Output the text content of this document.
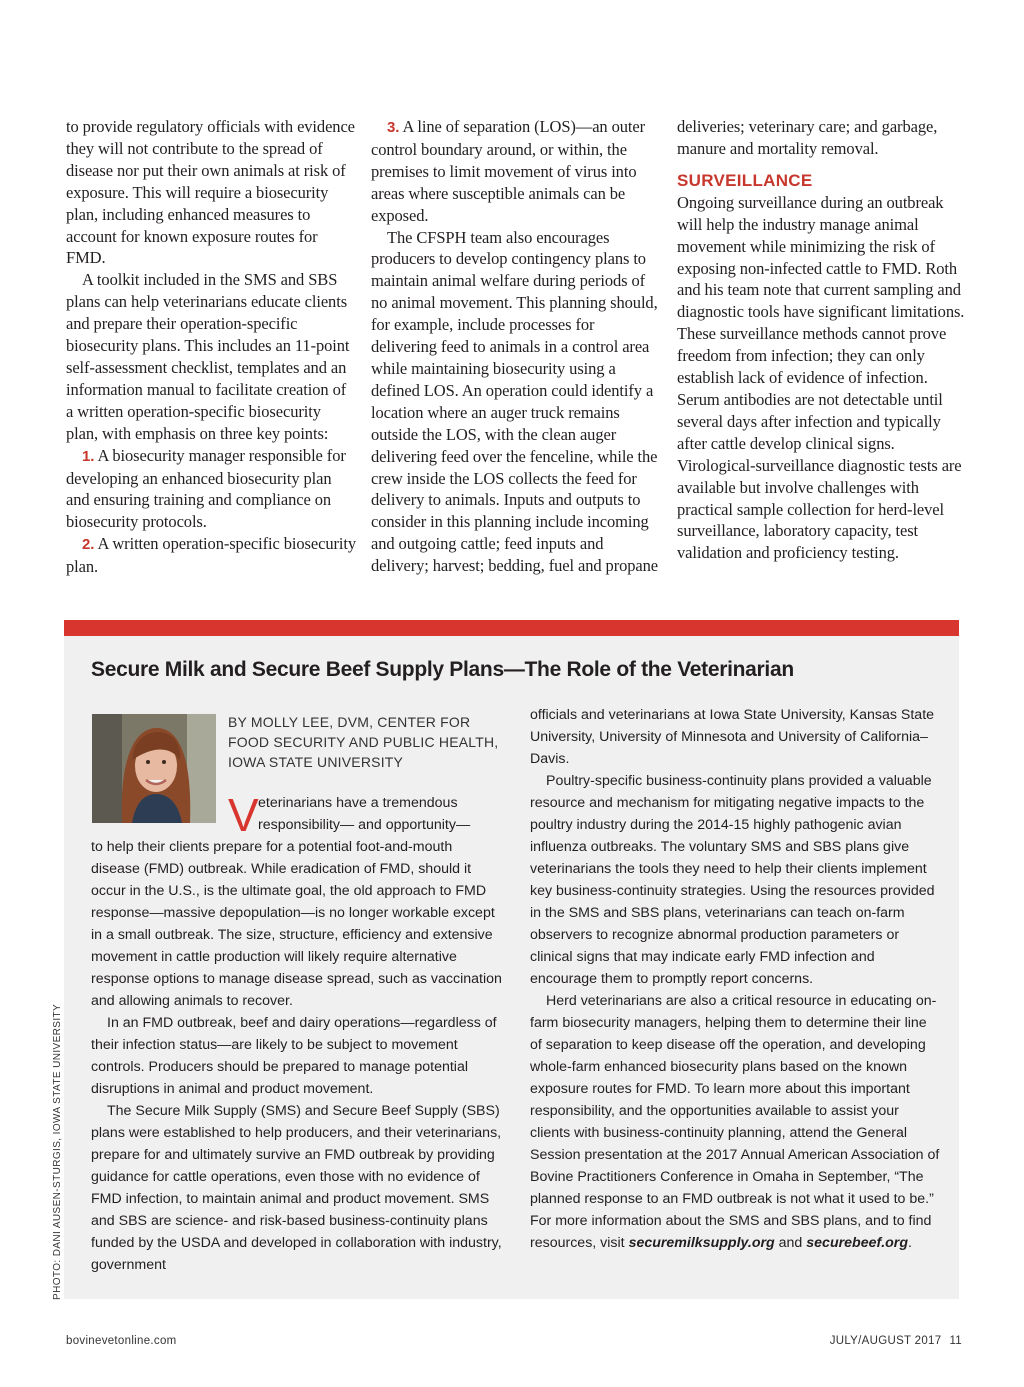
to provide regulatory officials with evidence they will not contribute to the spread of disease nor put their own animals at risk of exposure. This will require a biosecurity plan, including enhanced measures to account for known exposure routes for FMD.

A toolkit included in the SMS and SBS plans can help veterinarians educate clients and prepare their operation-specific biosecurity plans. This includes an 11-point self-assessment checklist, templates and an information manual to facilitate creation of a written operation-specific biosecurity plan, with emphasis on three key points:

1. A biosecurity manager responsible for developing an enhanced biosecurity plan and ensuring training and compliance on biosecurity protocols.

2. A written operation-specific biosecurity plan.

3. A line of separation (LOS)—an outer control boundary around, or within, the premises to limit movement of virus into areas where susceptible animals can be exposed.

The CFSPH team also encourages producers to develop contingency plans to maintain animal welfare during periods of no animal movement. This planning should, for example, include processes for delivering feed to animals in a control area while maintaining biosecurity using a defined LOS. An operation could identify a location where an auger truck remains outside the LOS, with the clean auger delivering feed over the fenceline, while the crew inside the LOS collects the feed for delivery to animals. Inputs and outputs to consider in this planning include incoming and outgoing cattle; feed inputs and delivery; harvest; bedding, fuel and propane

deliveries; veterinary care; and garbage, manure and mortality removal.

SURVEILLANCE

Ongoing surveillance during an outbreak will help the industry manage animal movement while minimizing the risk of exposing non-infected cattle to FMD. Roth and his team note that current sampling and diagnostic tools have significant limitations. These surveillance methods cannot prove freedom from infection; they can only establish lack of evidence of infection. Serum antibodies are not detectable until several days after infection and typically after cattle develop clinical signs. Virological-surveillance diagnostic tests are available but involve challenges with practical sample collection for herd-level surveillance, laboratory capacity, test validation and proficiency testing.

Secure Milk and Secure Beef Supply Plans—The Role of the Veterinarian
BY MOLLY LEE, DVM, CENTER FOR FOOD SECURITY AND PUBLIC HEALTH, IOWA STATE UNIVERSITY
V eterinarians have a tremendous responsibility— and opportunity—

to help their clients prepare for a potential foot-and-mouth disease (FMD) outbreak. While eradication of FMD, should it occur in the U.S., is the ultimate goal, the old approach to FMD response—massive depopulation—is no longer workable except in a small outbreak. The size, structure, efficiency and extensive movement in cattle production will likely require alternative response options to manage disease spread, such as vaccination and allowing animals to recover.

In an FMD outbreak, beef and dairy operations—regardless of their infection status—are likely to be subject to movement controls. Producers should be prepared to manage potential disruptions in animal and product movement.

The Secure Milk Supply (SMS) and Secure Beef Supply (SBS) plans were established to help producers, and their veterinarians, prepare for and ultimately survive an FMD outbreak by providing guidance for cattle operations, even those with no evidence of FMD infection, to maintain animal and product movement. SMS and SBS are science- and risk-based business-continuity plans funded by the USDA and developed in collaboration with industry, government

officials and veterinarians at Iowa State University, Kansas State University, University of Minnesota and University of California–Davis.

Poultry-specific business-continuity plans provided a valuable resource and mechanism for mitigating negative impacts to the poultry industry during the 2014-15 highly pathogenic avian influenza outbreaks. The voluntary SMS and SBS plans give veterinarians the tools they need to help their clients implement key business-continuity strategies. Using the resources provided in the SMS and SBS plans, veterinarians can teach on-farm observers to recognize abnormal production parameters or clinical signs that may indicate early FMD infection and encourage them to promptly report concerns.

Herd veterinarians are also a critical resource in educating on-farm biosecurity managers, helping them to determine their line of separation to keep disease off the operation, and developing whole-farm enhanced biosecurity plans based on the known exposure routes for FMD. To learn more about this important responsibility, and the opportunities available to assist your clients with business-continuity planning, attend the General Session presentation at the 2017 Annual American Association of Bovine Practitioners Conference in Omaha in September, “The planned response to an FMD outbreak is not what it used to be.” For more information about the SMS and SBS plans, and to find resources, visit securemilksupply.org and securebeef.org.

PHOTO: DANI AUSEN-STURGIS, IOWA STATE UNIVERSITY
bovinevetonline.com	JULY/AUGUST 2017 11
